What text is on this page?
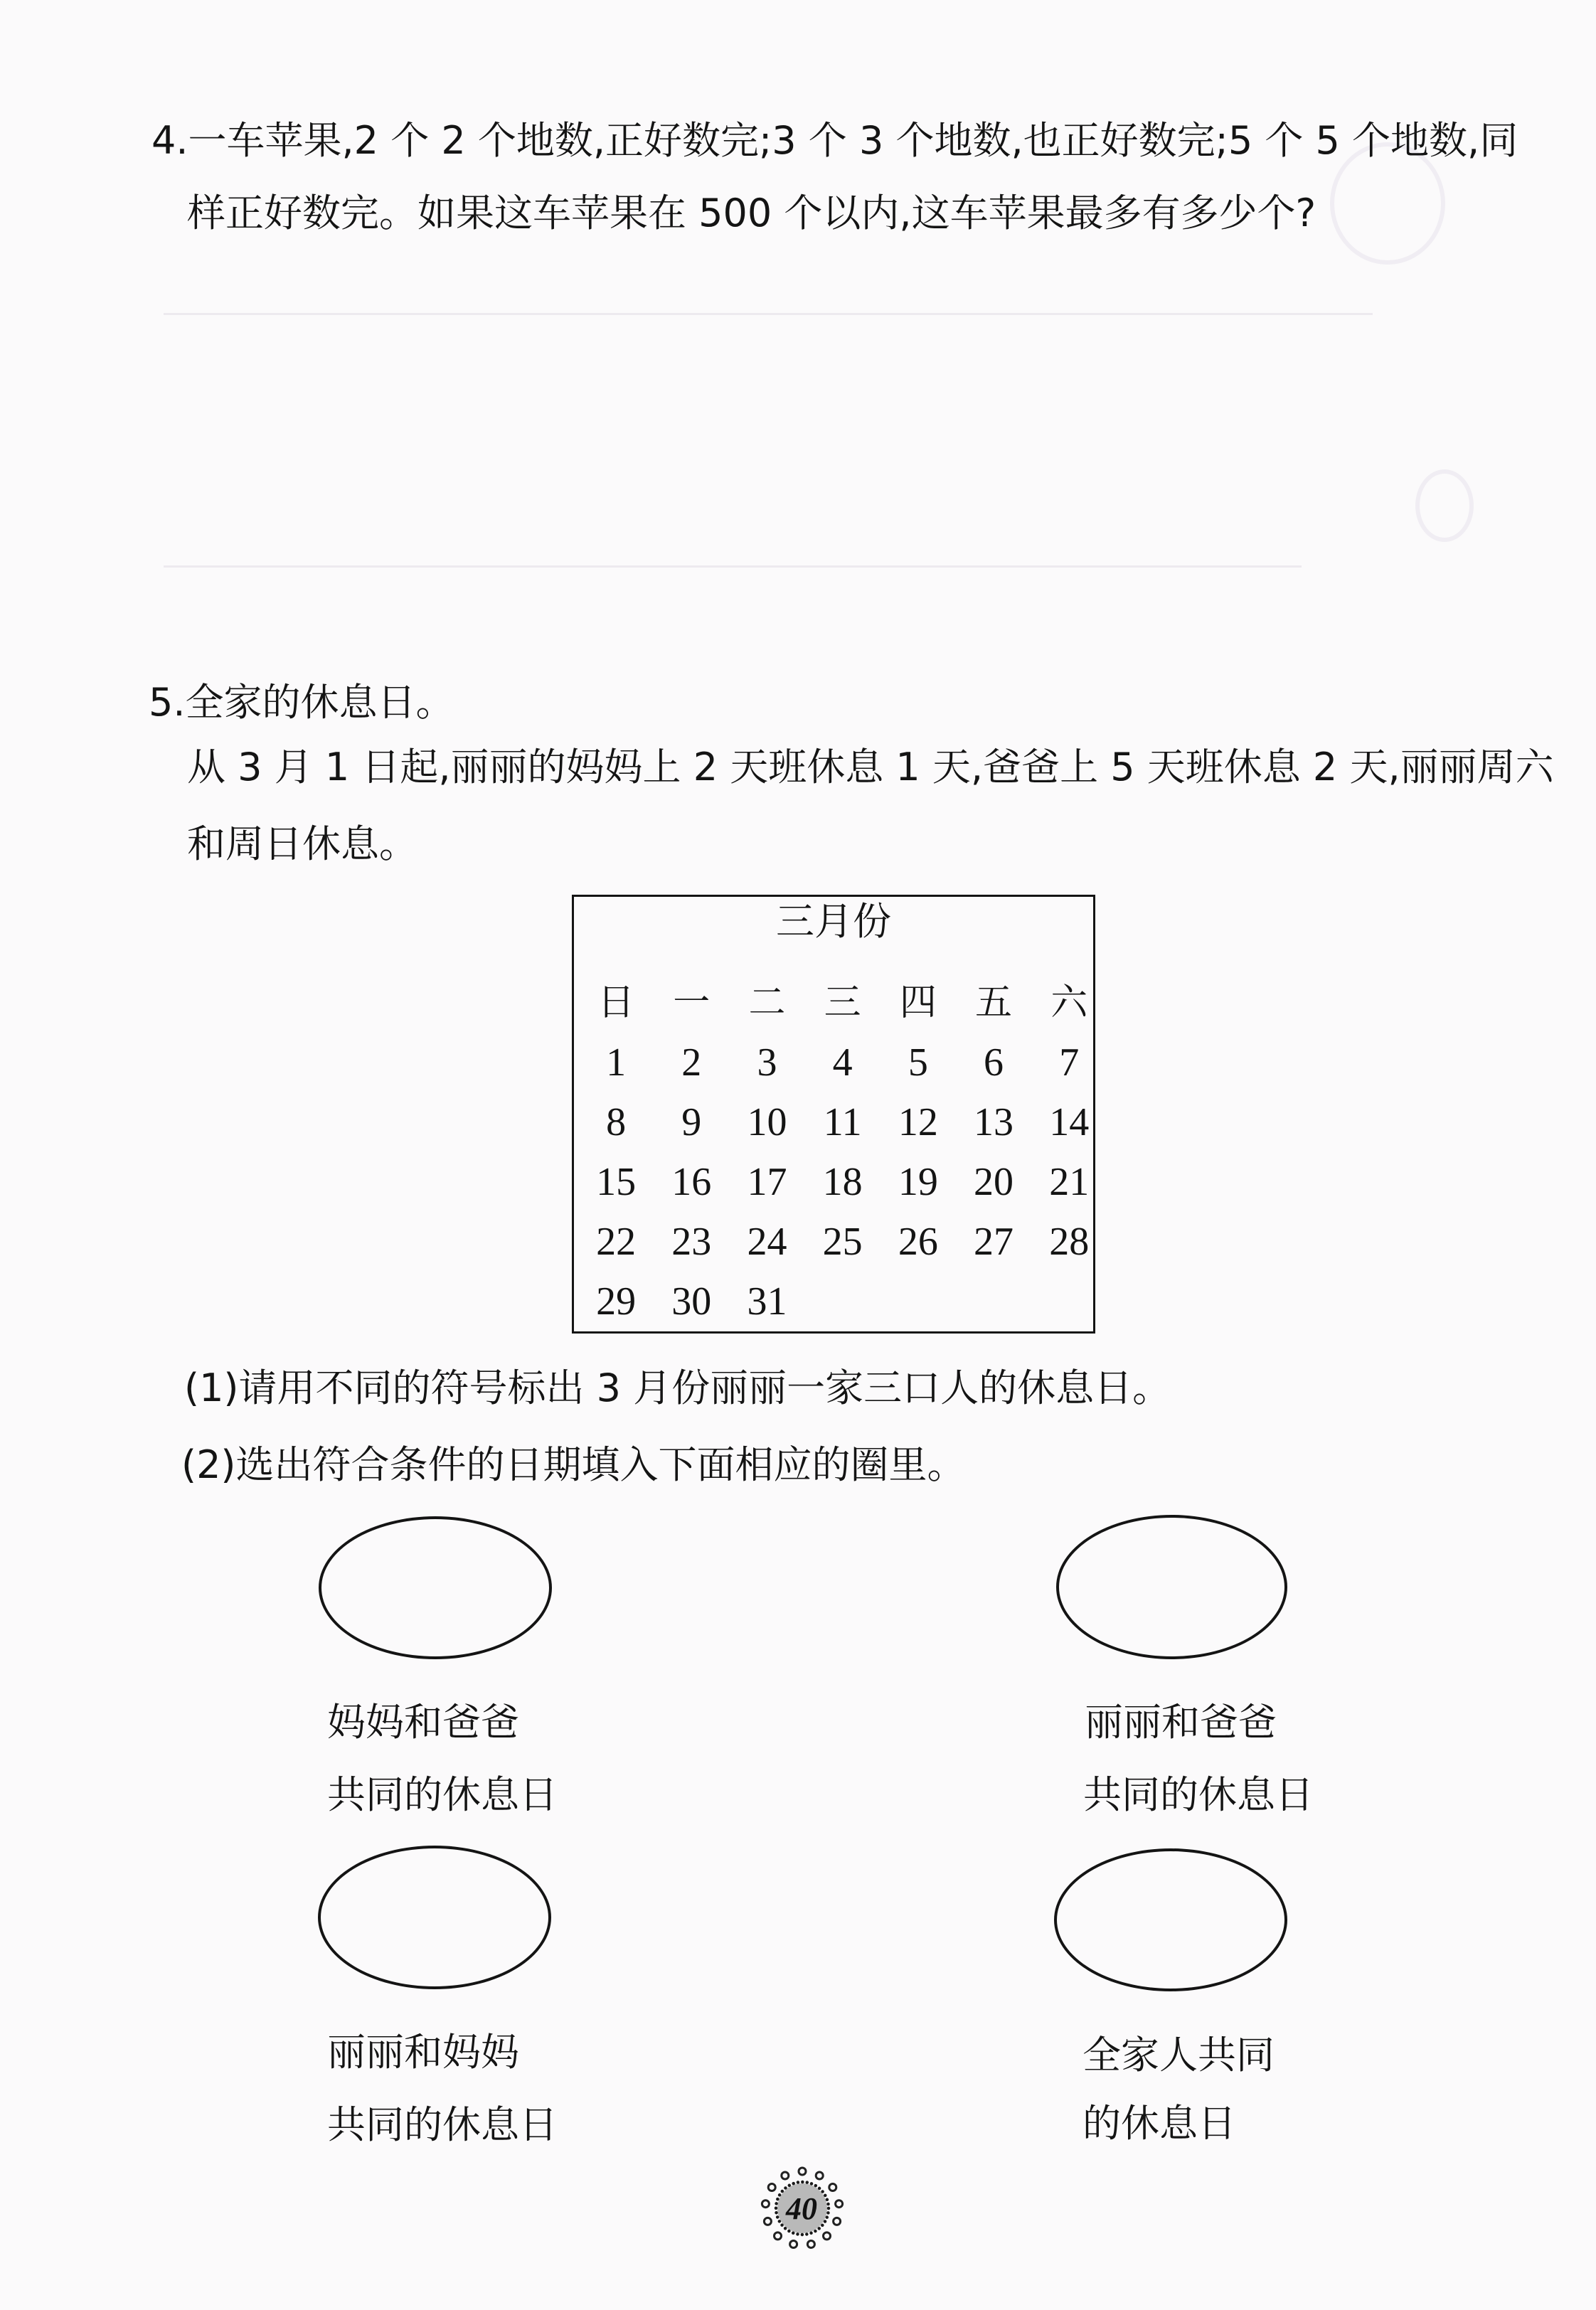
4.一车苹果,2 个 2 个地数,正好数完;3 个 3 个地数,也正好数完;5 个 5 个地数,同
样正好数完。如果这车苹果在 500 个以内,这车苹果最多有多少个?
5.全家的休息日。
从 3 月 1 日起,丽丽的妈妈上 2 天班休息 1 天,爸爸上 5 天班休息 2 天,丽丽周六
和周日休息。
三月份
日	一	二	三	四	五	六
1	2	3	4	5	6	7
8	9	10 11 12 13 14
15 16 17 18 19 20 21
22 23 24 25 26 27 28
29 30 31
(1)请用不同的符号标出 3 月份丽丽一家三口人的休息日。
(2)选出符合条件的日期填入下面相应的圈里。
妈妈和爸爸
共同的休息日
丽丽和爸爸
共同的休息日
丽丽和妈妈
共同的休息日
全家人共同
的休息日
40
